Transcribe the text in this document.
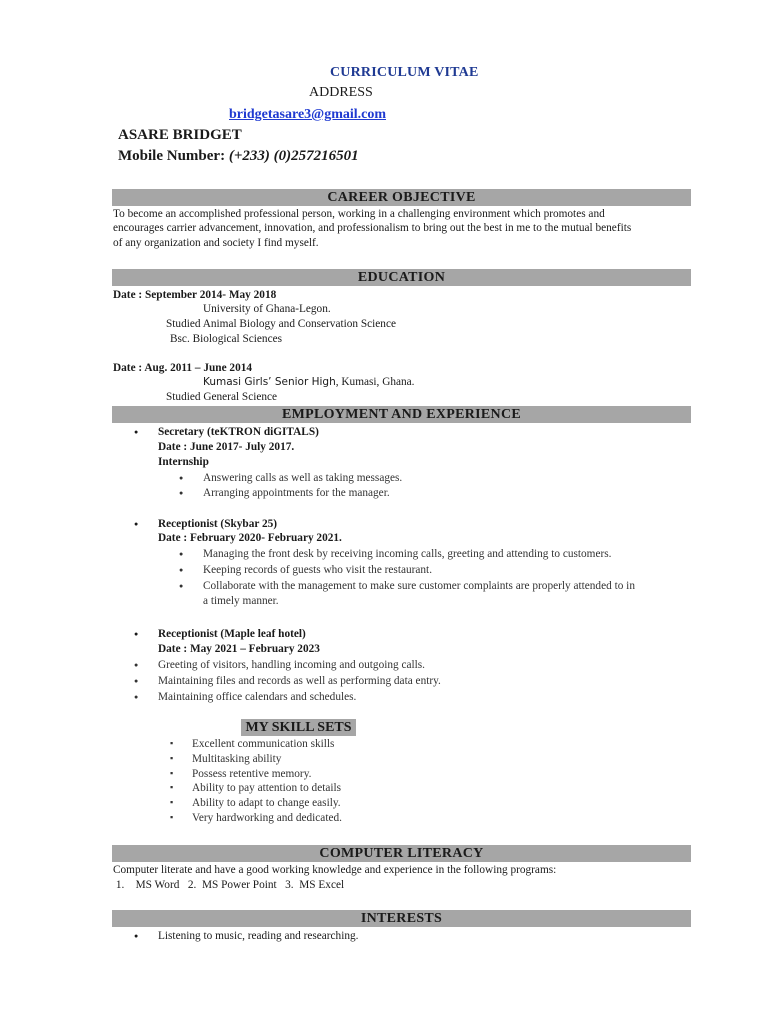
CURRICULUM VITAE
ADDRESS
bridgetasare3@gmail.com
ASARE BRIDGET
Mobile Number: (+233) (0)257216501
CAREER OBJECTIVE
To become an accomplished professional person, working in a challenging environment which promotes and
encourages carrier advancement, innovation, and professionalism to bring out the best in me to the mutual benefits
of any organization and society I find myself.
EDUCATION
Date : September 2014- May 2018
University of Ghana-Legon.
Studied Animal Biology and Conservation Science
Bsc. Biological Sciences
Date : Aug. 2011 – June 2014
Kumasi Girls’ Senior High, Kumasi, Ghana.
Studied General Science
EMPLOYMENT AND EXPERIENCE
● Secretary (teKTRON diGITALS)
Date : June 2017- July 2017.
Internship
● Answering calls as well as taking messages.
● Arranging appointments for the manager.
● Receptionist (Skybar 25)
Date : February 2020- February 2021.
● Managing the front desk by receiving incoming calls, greeting and attending to customers.
● Keeping records of guests who visit the restaurant.
● Collaborate with the management to make sure customer complaints are properly attended to in
a timely manner.
● Receptionist (Maple leaf hotel)
Date : May 2021 – February 2023
● Greeting of visitors, handling incoming and outgoing calls.
● Maintaining files and records as well as performing data entry.
● Maintaining office calendars and schedules.
MY SKILL SETS
▪ Excellent communication skills
▪ Multitasking ability
▪ Possess retentive memory.
▪ Ability to pay attention to details
▪ Ability to adapt to change easily.
▪ Very hardworking and dedicated.
COMPUTER LITERACY
Computer literate and have a good working knowledge and experience in the following programs:
1.    MS Word   2.  MS Power Point   3.  MS Excel
INTERESTS
● Listening to music, reading and researching.
